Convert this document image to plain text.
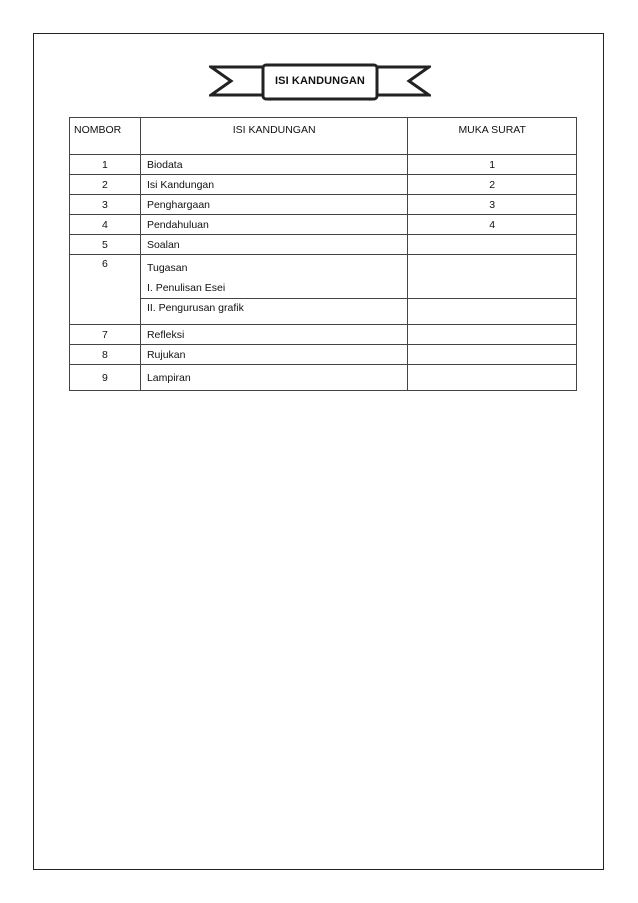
ISI KANDUNGAN
NOMBOR	ISI KANDUNGAN	MUKA SURAT
1	Biodata	1
2	Isi Kandungan	2
3	Penghargaan	3
4	Pendahuluan	4
5	Soalan	
6	Tugasan
I. Penulisan Esei	

	II. Pengurusan grafik	
7	Refleksi	
8	Rujukan	
9	Lampiran	
